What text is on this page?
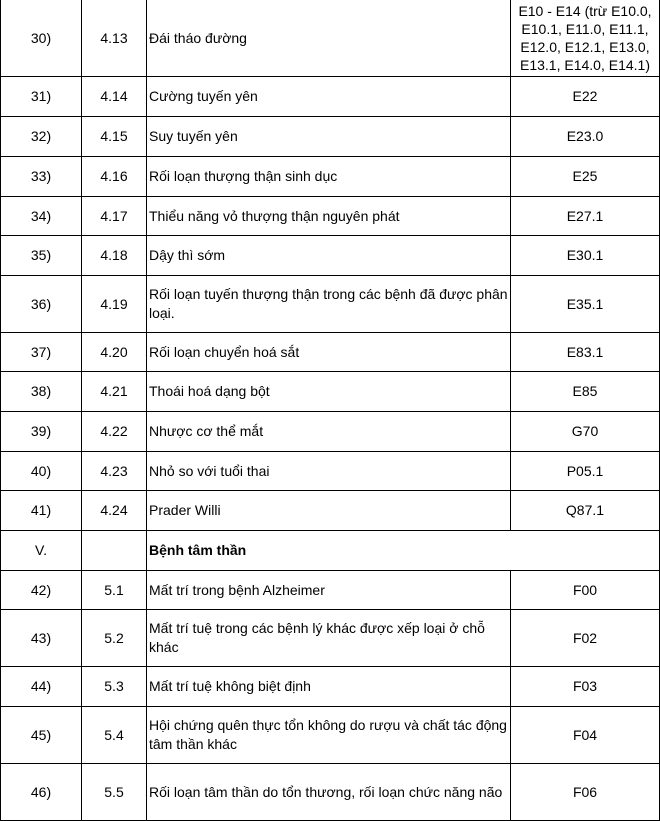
30)	4.13	Đái tháo đường	E10 - E14 (trừ E10.0, E10.1, E11.0, E11.1, E12.0, E12.1, E13.0, E13.1, E14.0, E14.1)
31)	4.14	Cường tuyến yên	E22
32)	4.15	Suy tuyến yên	E23.0
33)	4.16	Rối loạn thượng thận sinh dục	E25
34)	4.17	Thiểu năng vỏ thượng thận nguyên phát	E27.1
35)	4.18	Dậy thì sớm	E30.1
36)	4.19	Rối loạn tuyến thượng thận trong các bệnh đã được phân loại.	E35.1
37)	4.20	Rối loạn chuyển hoá sắt	E83.1
38)	4.21	Thoái hoá dạng bột	E85
39)	4.22	Nhược cơ thể mắt	G70
40)	4.23	Nhỏ so với tuổi thai	P05.1
41)	4.24	Prader Willi	Q87.1
V.		Bệnh tâm thần	
42)	5.1	Mất trí trong bệnh Alzheimer	F00
43)	5.2	Mất trí tuệ trong các bệnh lý khác được xếp loại ở chỗ khác	F02
44)	5.3	Mất trí tuệ không biệt định	F03
45)	5.4	Hội chứng quên thực tổn không do rượu và chất tác động tâm thần khác	F04
46)	5.5	Rối loạn tâm thần do tổn thương, rối loạn chức năng não	F06
